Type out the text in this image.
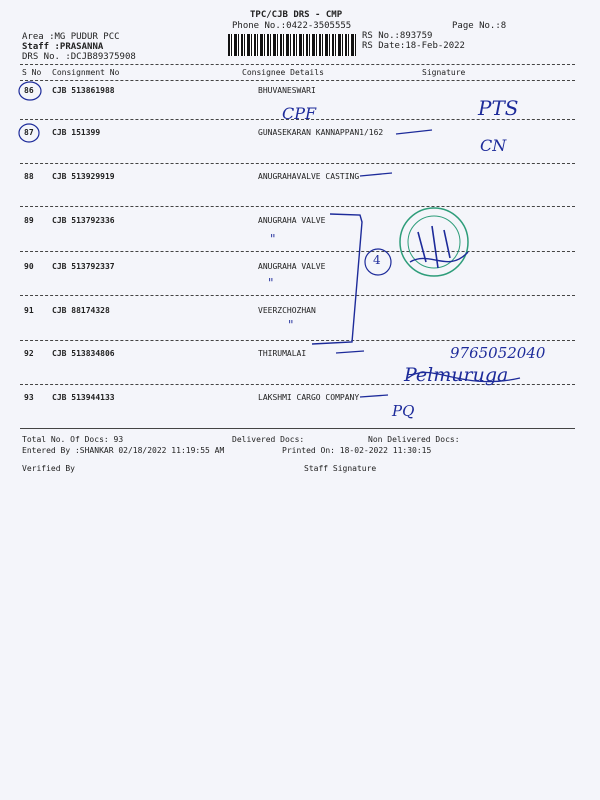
TPC/CJB DRS - CMP
Phone No.:0422-3505555	Page No.:8
Area :MG PUDUR PCC
Staff :PRASANNA
DRS No. :DCJB89375908
RS No.:893759
RS Date:18-Feb-2022
S No Consignment No	Consignee Details	Signature
86 CJB 513861988	BHUVANESWARI
87 CJB 151399	GUNASEKARAN KANNAPPAN1/162
88 CJB 513929919	ANUGRAHAVALVE CASTING
89 CJB 513792336	ANUGRAHA VALVE
90 CJB 513792337	ANUGRAHA VALVE
91 CJB 88174328	VEERZCHOZHAN
92 CJB 513834806	THIRUMALAI
93 CJB 513944133	LAKSHMI CARGO COMPANY
Total No. Of Docs: 93	Delivered Docs:	Non Delivered Docs:
Entered By :SHANKAR 02/18/2022 11:19:55 AM	Printed On: 18-02-2022 11:30:15
Verified By	Staff Signature
CPF	PTS
CN
"
"
"
4
9765052040
Pelmuruga
PQ
